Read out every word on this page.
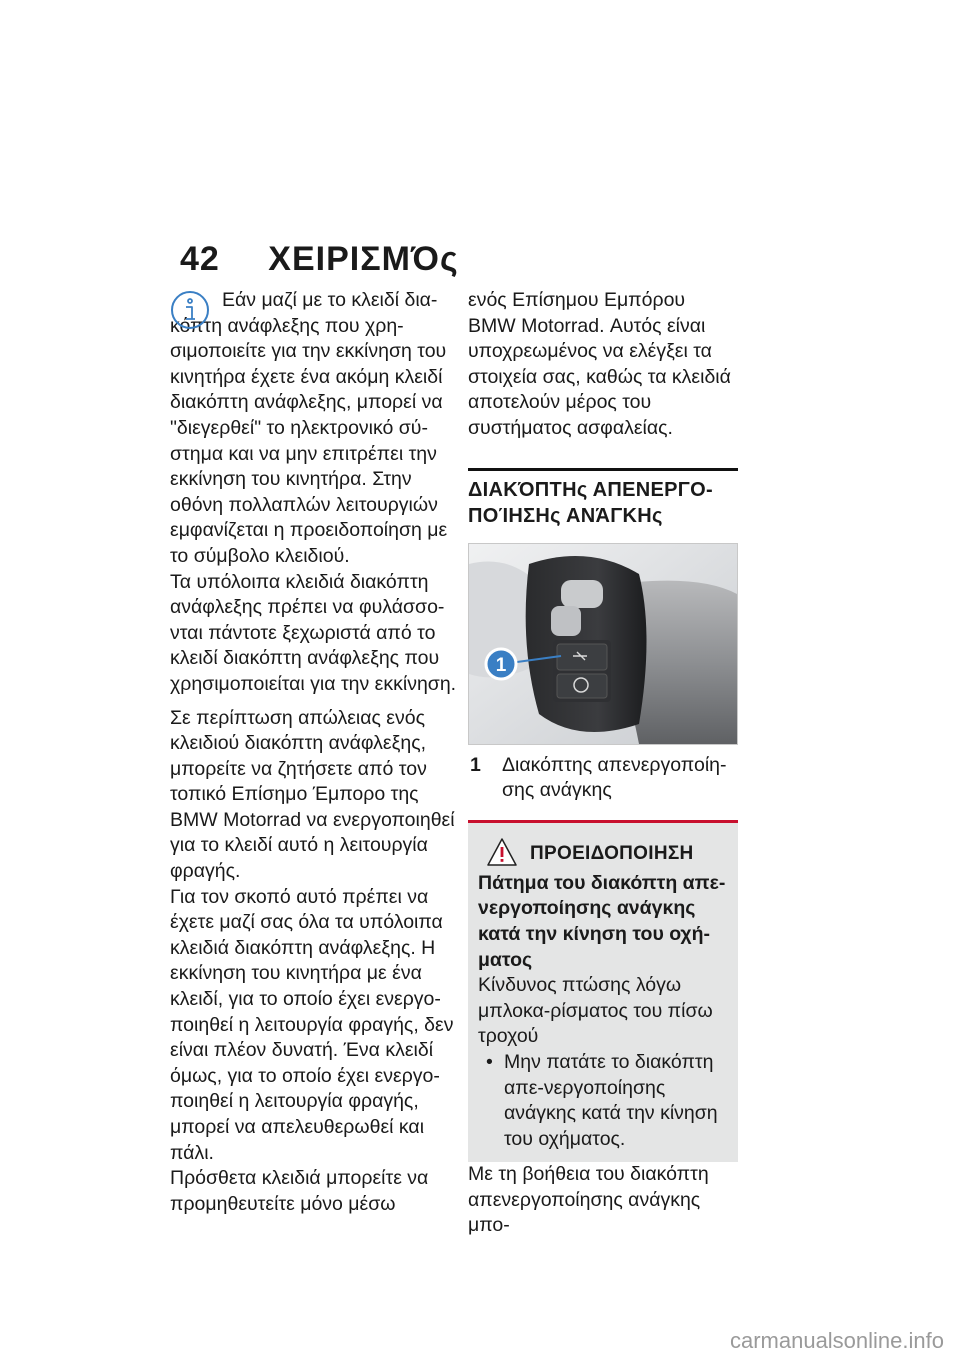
42 ΧΕΙΡΙΣΜΌς

Εάν μαζί με το κλειδί δια-κόπτη ανάφλεξης που χρη-σιμοποιείτε για την εκκίνηση του κινητήρα έχετε ένα ακόμη κλειδί διακόπτη ανάφλεξης, μπορεί να "διεγερθεί" το ηλεκτρονικό σύ-στημα και να μην επιτρέπει την εκκίνηση του κινητήρα. Στην οθόνη πολλαπλών λειτουργιών εμφανίζεται η προειδοποίηση με το σύμβολο κλειδιού.

Τα υπόλοιπα κλειδιά διακόπτη ανάφλεξης πρέπει να φυλάσσο-νται πάντοτε ξεχωριστά από το κλειδί διακόπτη ανάφλεξης που χρησιμοποιείται για την εκκίνηση.

Σε περίπτωση απώλειας ενός κλειδιού διακόπτη ανάφλεξης, μπορείτε να ζητήσετε από τον τοπικό Επίσημο Έμπορο της BMW Motorrad να ενεργοποιηθεί για το κλειδί αυτό η λειτουργία φραγής.

Για τον σκοπό αυτό πρέπει να έχετε μαζί σας όλα τα υπόλοιπα κλειδιά διακόπτη ανάφλεξης. Η εκκίνηση του κινητήρα με ένα κλειδί, για το οποίο έχει ενεργο-ποιηθεί η λειτουργία φραγής, δεν είναι πλέον δυνατή. Ένα κλειδί όμως, για το οποίο έχει ενεργο-ποιηθεί η λειτουργία φραγής, μπορεί να απελευθερωθεί και πάλι.

Πρόσθετα κλειδιά μπορείτε να προμηθευτείτε μόνο μέσω

ενός Επίσημου Εμπόρου BMW Motorrad. Αυτός είναι υποχρεωμένος να ελέγξει τα στοιχεία σας, καθώς τα κλειδιά αποτελούν μέρος του συστήματος ασφαλείας.

ΔΙΑΚΌΠΤΗς ΑΠΕΝΕΡΓΟ-ΠΟΊΗΣΗς ΑΝΆΓΚΗς
1
1 Διακόπτης απενεργοποίη-σης ανάγκης
ΠΡΟΕΙΔΟΠΟΙΗΣΗ

Πάτημα του διακόπτη απε-νεργοποίησης ανάγκης κατά την κίνηση του οχή-ματος

Κίνδυνος πτώσης λόγω μπλοκα-ρίσματος του πίσω τροχού

• Μην πατάτε το διακόπτη απε-νεργοποίησης ανάγκης κατά την κίνηση του οχήματος.

Με τη βοήθεια του διακόπτη απενεργοποίησης ανάγκης μπο-

carmanualsonline.info
